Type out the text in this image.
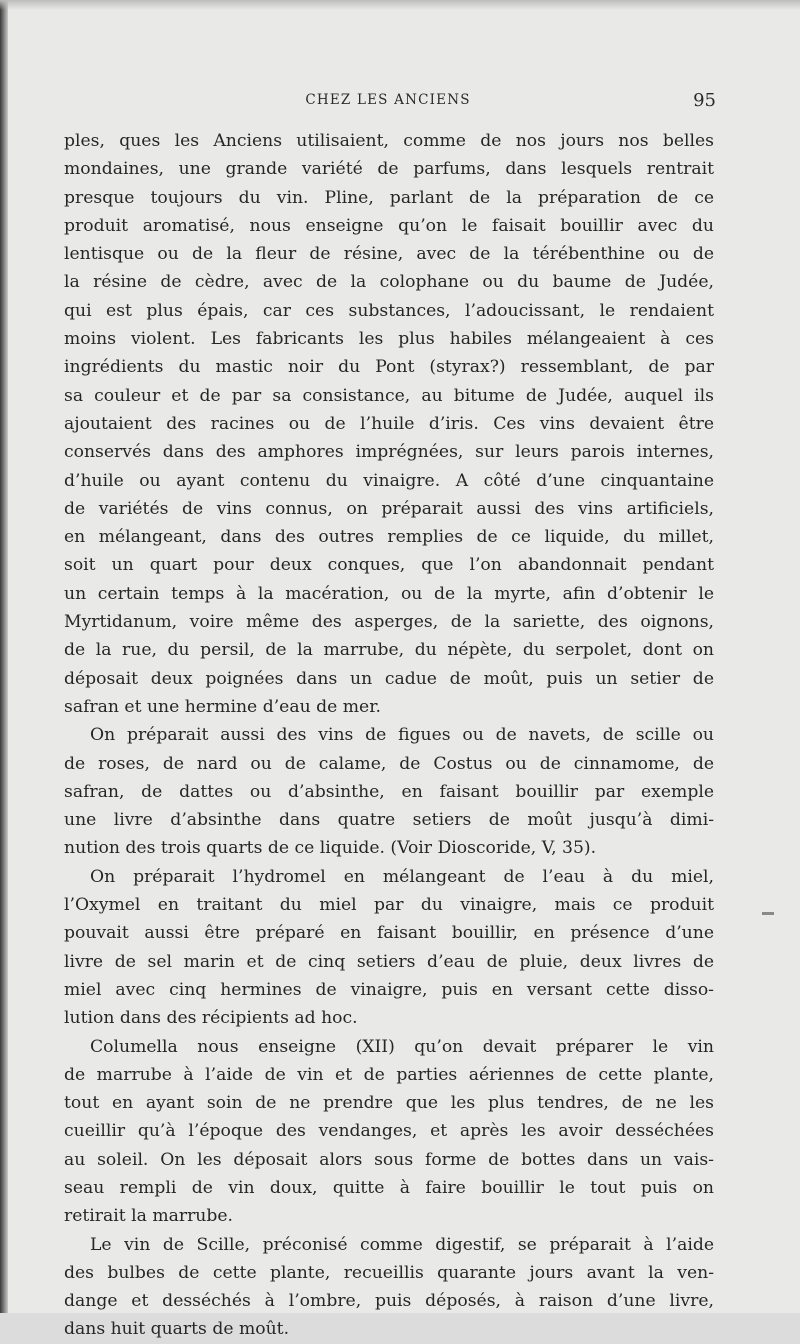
CHEZ LES ANCIENS	95
ples, ques les Anciens utilisaient, comme de nos jours nos belles
mondaines, une grande variété de parfums, dans lesquels rentrait
presque toujours du vin. Pline, parlant de la préparation de ce
produit aromatisé, nous enseigne qu’on le faisait bouillir avec du
lentisque ou de la fleur de résine, avec de la térébenthine ou de
la résine de cèdre, avec de la colophane ou du baume de Judée,
qui est plus épais, car ces substances, l’adoucissant, le rendaient
moins violent. Les fabricants les plus habiles mélangeaient à ces
ingrédients du mastic noir du Pont (styrax?) ressemblant, de par
sa couleur et de par sa consistance, au bitume de Judée, auquel ils
ajoutaient des racines ou de l’huile d’iris. Ces vins devaient être
conservés dans des amphores imprégnées, sur leurs parois internes,
d’huile ou ayant contenu du vinaigre. A côté d’une cinquantaine
de variétés de vins connus, on préparait aussi des vins artificiels,
en mélangeant, dans des outres remplies de ce liquide, du millet,
soit un quart pour deux conques, que l’on abandonnait pendant
un certain temps à la macération, ou de la myrte, afin d’obtenir le
Myrtidanum, voire même des asperges, de la sariette, des oignons,
de la rue, du persil, de la marrube, du népète, du serpolet, dont on
déposait deux poignées dans un cadue de moût, puis un setier de
safran et une hermine d’eau de mer.
On préparait aussi des vins de figues ou de navets, de scille ou
de roses, de nard ou de calame, de Costus ou de cinnamome, de
safran, de dattes ou d’absinthe, en faisant bouillir par exemple
une livre d’absinthe dans quatre setiers de moût jusqu’à dimi-
nution des trois quarts de ce liquide. (Voir Dioscoride, V, 35).
On préparait l’hydromel en mélangeant de l’eau à du miel,
l’Oxymel en traitant du miel par du vinaigre, mais ce produit
pouvait aussi être préparé en faisant bouillir, en présence d’une
livre de sel marin et de cinq setiers d’eau de pluie, deux livres de
miel avec cinq hermines de vinaigre, puis en versant cette disso-
lution dans des récipients ad hoc.
Columella nous enseigne (XII) qu’on devait préparer le vin
de marrube à l’aide de vin et de parties aériennes de cette plante,
tout en ayant soin de ne prendre que les plus tendres, de ne les
cueillir qu’à l’époque des vendanges, et après les avoir desséchées
au soleil. On les déposait alors sous forme de bottes dans un vais-
seau rempli de vin doux, quitte à faire bouillir le tout puis on
retirait la marrube.
Le vin de Scille, préconisé comme digestif, se préparait à l’aide
des bulbes de cette plante, recueillis quarante jours avant la ven-
dange et desséchés à l’ombre, puis déposés, à raison d’une livre,
dans huit quarts de moût.
